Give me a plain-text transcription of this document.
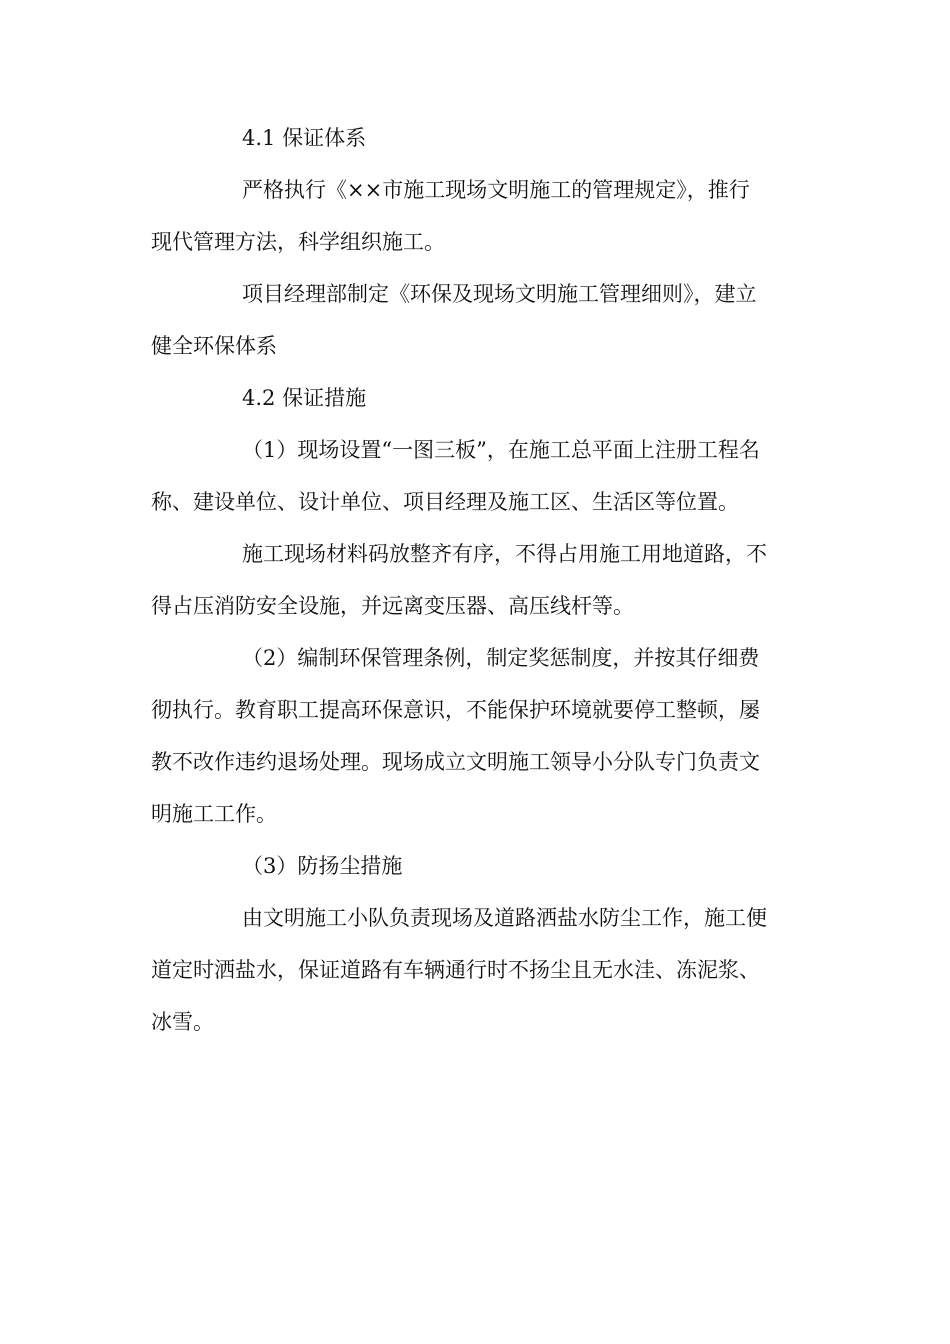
4.1 保证体系
严格执行《××市施工现场文明施工的管理规定》，推行
现代管理方法，科学组织施工。
项目经理部制定《环保及现场文明施工管理细则》，建立
健全环保体系
4.2 保证措施
（1）现场设置“一图三板”，在施工总平面上注册工程名
称、建设单位、设计单位、项目经理及施工区、生活区等位置。
施工现场材料码放整齐有序，不得占用施工用地道路，不
得占压消防安全设施，并远离变压器、高压线杆等。
（2）编制环保管理条例，制定奖惩制度，并按其仔细费
彻执行。教育职工提高环保意识，不能保护环境就要停工整顿，屡
教不改作违约退场处理。现场成立文明施工领导小分队专门负责文
明施工工作。
（3）防扬尘措施
由文明施工小队负责现场及道路洒盐水防尘工作，施工便
道定时洒盐水，保证道路有车辆通行时不扬尘且无水洼、冻泥浆、
冰雪。
